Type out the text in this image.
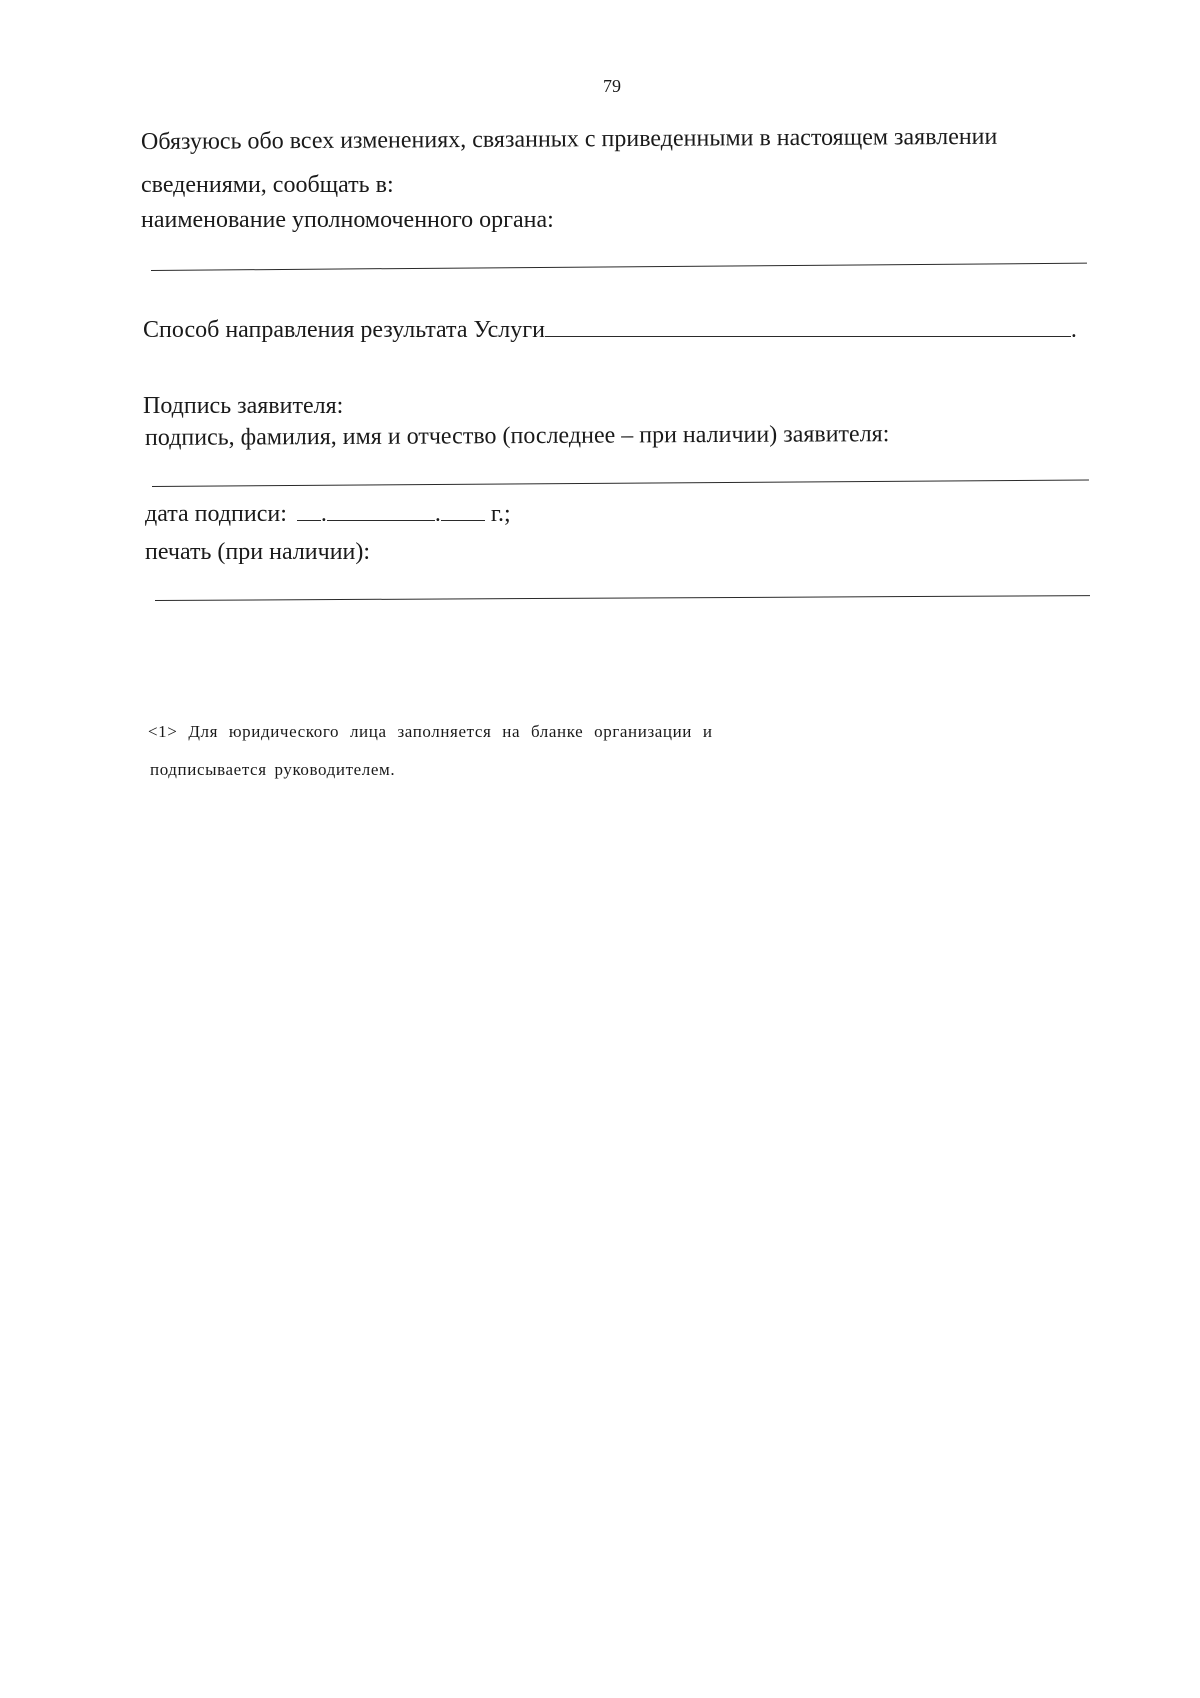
79
Обязуюсь обо всех изменениях, связанных с приведенными в настоящем заявлении
сведениями, сообщать в:
наименование уполномоченного органа:
Способ направления результата Услуги	.
Подпись заявителя:
подпись, фамилия, имя и отчество (последнее – при наличии) заявителя:
дата подписи: .	. г.;
печать (при наличии):
<1> Для юридического лица заполняется на бланке организации и
подписывается руководителем.
